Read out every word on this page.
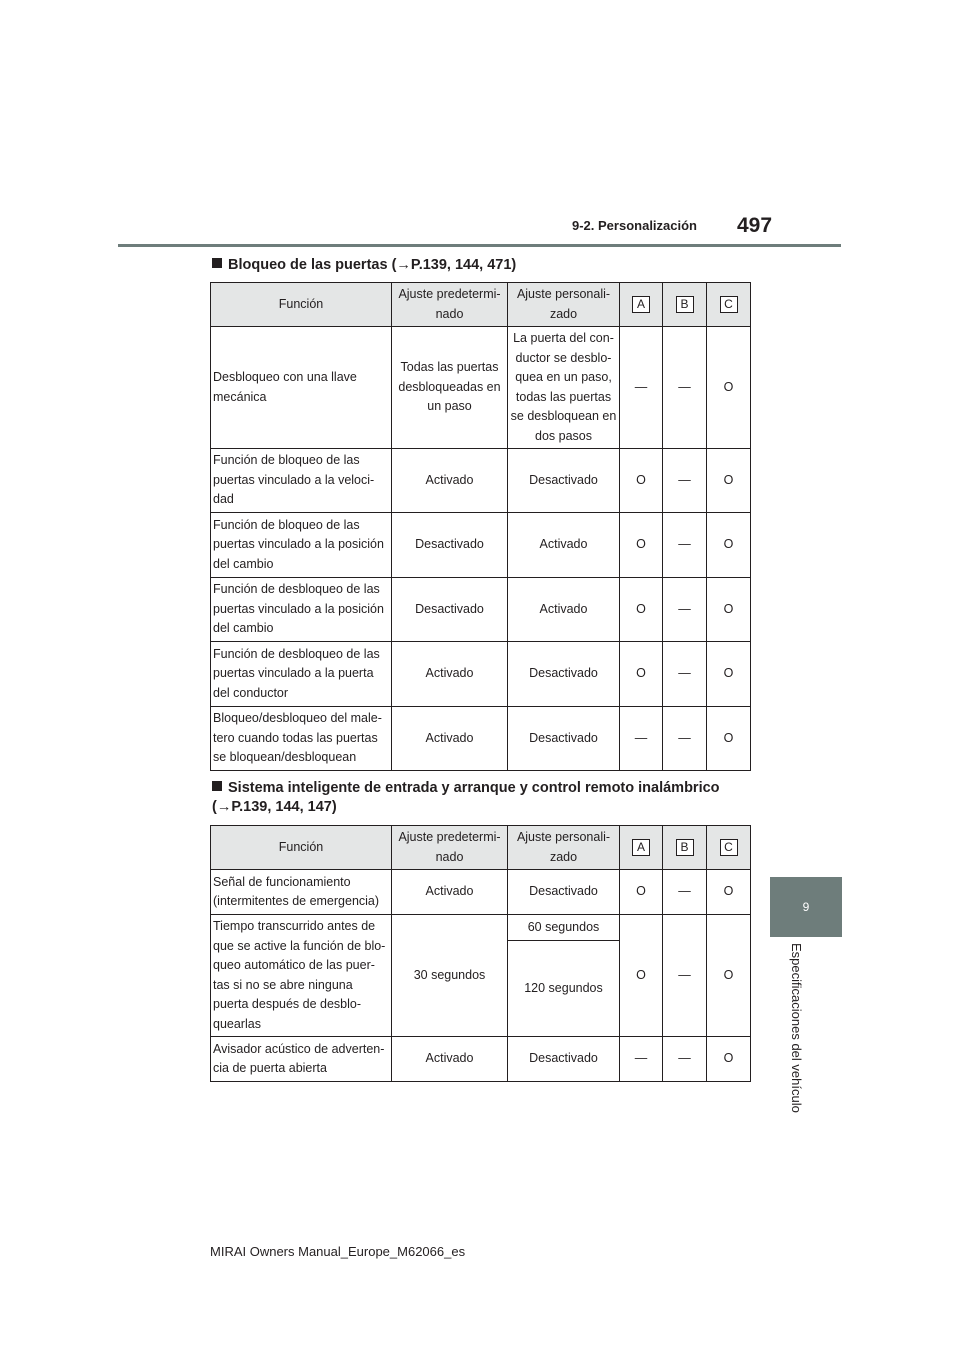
9-2. Personalización 497
Bloqueo de las puertas (→P.139, 144, 471)
Función	Ajuste predetermi-nado	Ajuste personali-zado	A	B	C
Desbloqueo con una llave mecánica	Todas las puertas desbloqueadas en un paso	La puerta del con-ductor se desblo-quea en un paso, todas las puertas se desbloquean en dos pasos	—	—	O
Función de bloqueo de las puertas vinculado a la veloci-dad	Activado	Desactivado	O	—	O
Función de bloqueo de las puertas vinculado a la posición del cambio	Desactivado	Activado	O	—	O
Función de desbloqueo de las puertas vinculado a la posición del cambio	Desactivado	Activado	O	—	O
Función de desbloqueo de las puertas vinculado a la puerta del conductor	Activado	Desactivado	O	—	O
Bloqueo/desbloqueo del male-tero cuando todas las puertas se bloquean/desbloquean	Activado	Desactivado	—	—	O
Sistema inteligente de entrada y arranque y control remoto inalámbrico
(→P.139, 144, 147)
Función	Ajuste predetermi-nado	Ajuste personali-zado	A	B	C
Señal de funcionamiento (intermitentes de emergencia)	Activado	Desactivado	O	—	O
Tiempo transcurrido antes de que se active la función de blo-queo automático de las puer-tas si no se abre ninguna puerta después de desblo-quearlas	30 segundos	60 segundos	O	—	O
		120 segundos			
Avisador acústico de adverten-cia de puerta abierta	Activado	Desactivado	—	—	O
9
Especificaciones del vehículo
MIRAI Owners Manual_Europe_M62066_es
